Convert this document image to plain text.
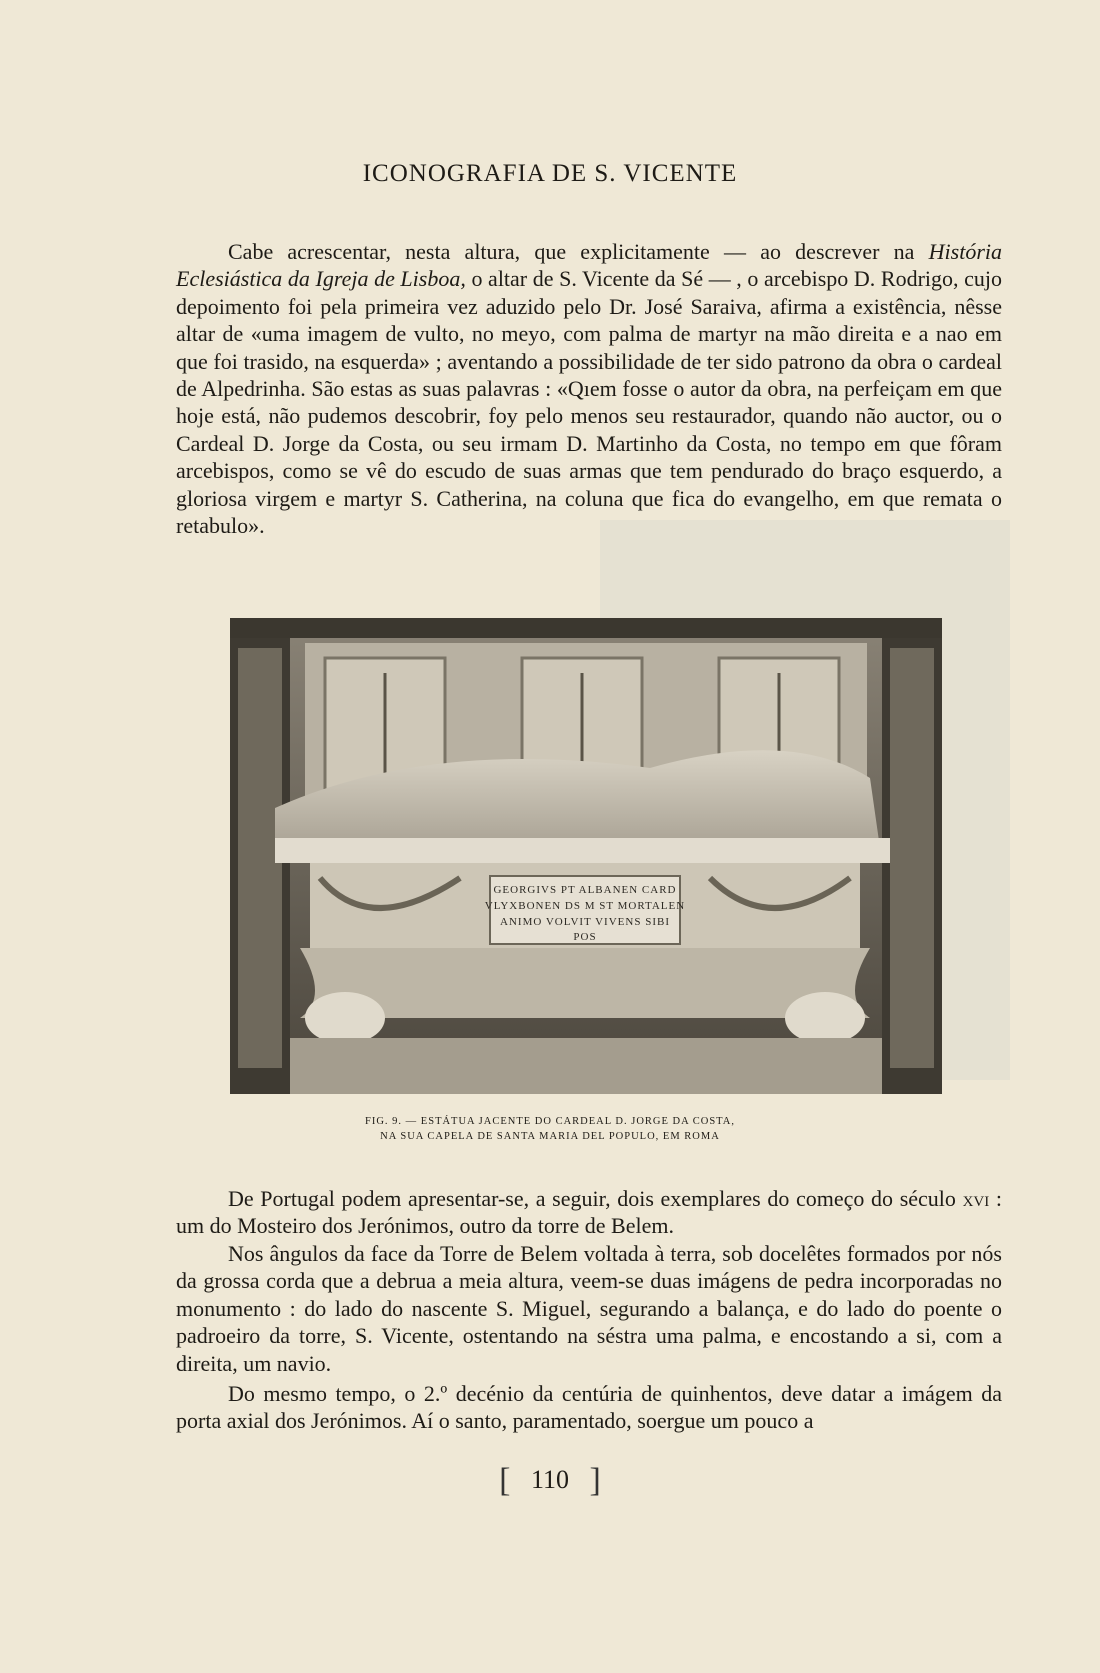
ICONOGRAFIA DE S. VICENTE

Cabe acrescentar, nesta altura, que explicitamente — ao descrever na História Eclesiástica da Igreja de Lisboa, o altar de S. Vicente da Sé — , o arcebispo D. Rodrigo, cujo depoimento foi pela primeira vez aduzido pelo Dr. José Saraiva, afirma a existência, nêsse altar de «uma imagem de vulto, no meyo, com palma de martyr na mão direita e a nao em que foi trasido, na esquerda» ; aventando a possibilidade de ter sido patrono da obra o cardeal de Alpedrinha. São estas as suas palavras : «Qıem fosse o autor da obra, na perfeiçam em que hoje está, não pudemos descobrir, foy pelo menos seu restaurador, quando não auctor, ou o Cardeal D. Jorge da Costa, ou seu irmam D. Martinho da Costa, no tempo em que fôram arcebispos, como se vê do escudo de suas armas que tem pendurado do braço esquerdo, a gloriosa virgem e martyr S. Catherina, na coluna que fica do evangelho, em que remata o retabulo».

GEORGIVS PT ALBANEN CARD
VLYXBONEN DS M ST MORTALEN
ANIMO VOLVIT VIVENS SIBI
POS
FIG. 9. — ESTÁTUA JACENTE DO CARDEAL D. JORGE DA COSTA,
NA SUA CAPELA DE SANTA MARIA DEL POPULO, EM ROMA

De Portugal podem apresentar-se, a seguir, dois exemplares do começo do século xvi : um do Mosteiro dos Jerónimos, outro da torre de Belem.

Nos ângulos da face da Torre de Belem voltada à terra, sob docelêtes formados por nós da grossa corda que a debrua a meia altura, veem-se duas imágens de pedra incorporadas no monumento : do lado do nascente S. Miguel, segurando a balança, e do lado do poente o padroeiro da torre, S. Vicente, ostentando na séstra uma palma, e encostando a si, com a direita, um navio.

Do mesmo tempo, o 2.º decénio da centúria de quinhentos, deve datar a imágem da porta axial dos Jerónimos. Aí o santo, paramentado, soergue um pouco a

[ 110 ]
